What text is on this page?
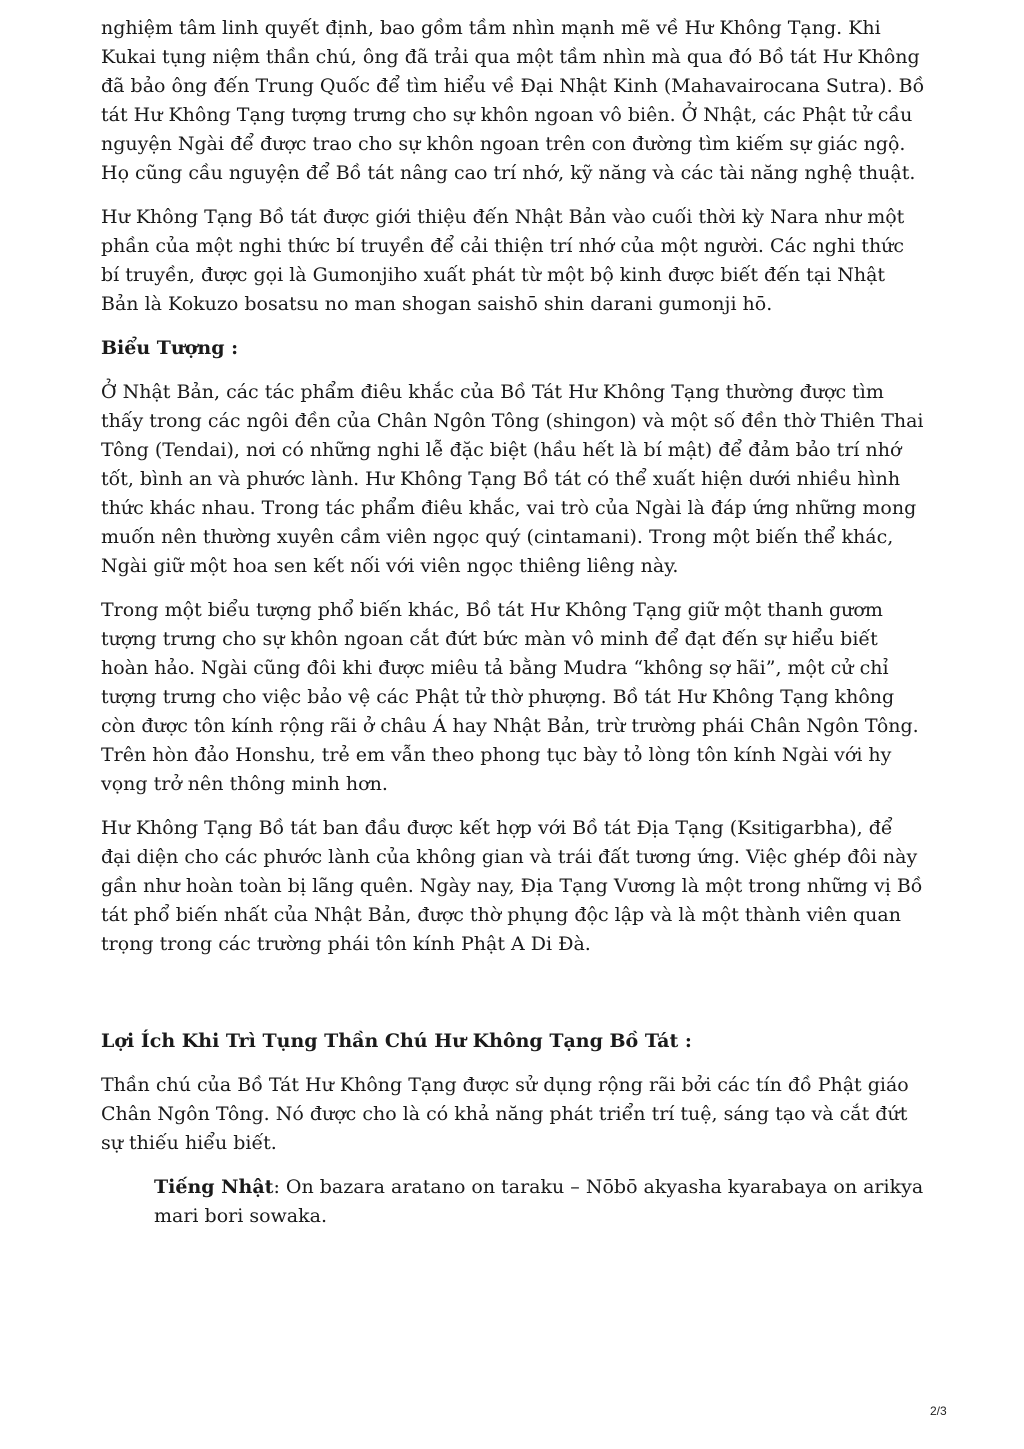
nghiệm tâm linh quyết định, bao gồm tầm nhìn mạnh mẽ về Hư Không Tạng. Khi Kukai tụng niệm thần chú, ông đã trải qua một tầm nhìn mà qua đó Bồ tát Hư Không đã bảo ông đến Trung Quốc để tìm hiểu về Đại Nhật Kinh (Mahavairocana Sutra). Bồ tát Hư Không Tạng tượng trưng cho sự khôn ngoan vô biên. Ở Nhật, các Phật tử cầu nguyện Ngài để được trao cho sự khôn ngoan trên con đường tìm kiếm sự giác ngộ. Họ cũng cầu nguyện để Bồ tát nâng cao trí nhớ, kỹ năng và các tài năng nghệ thuật.

Hư Không Tạng Bồ tát được giới thiệu đến Nhật Bản vào cuối thời kỳ Nara như một phần của một nghi thức bí truyền để cải thiện trí nhớ của một người. Các nghi thức bí truyền, được gọi là Gumonjiho xuất phát từ một bộ kinh được biết đến tại Nhật Bản là Kokuzo bosatsu no man shogan saishō shin darani gumonji hō.

Biểu Tượng :

Ở Nhật Bản, các tác phẩm điêu khắc của Bồ Tát Hư Không Tạng thường được tìm thấy trong các ngôi đền của Chân Ngôn Tông (shingon) và một số đền thờ Thiên Thai Tông (Tendai), nơi có những nghi lễ đặc biệt (hầu hết là bí mật) để đảm bảo trí nhớ tốt, bình an và phước lành. Hư Không Tạng Bồ tát có thể xuất hiện dưới nhiều hình thức khác nhau. Trong tác phẩm điêu khắc, vai trò của Ngài là đáp ứng những mong muốn nên thường xuyên cầm viên ngọc quý (cintamani). Trong một biến thể khác, Ngài giữ một hoa sen kết nối với viên ngọc thiêng liêng này.

Trong một biểu tượng phổ biến khác, Bồ tát Hư Không Tạng giữ một thanh gươm tượng trưng cho sự khôn ngoan cắt đứt bức màn vô minh để đạt đến sự hiểu biết hoàn hảo. Ngài cũng đôi khi được miêu tả bằng Mudra “không sợ hãi”, một cử chỉ tượng trưng cho việc bảo vệ các Phật tử thờ phượng. Bồ tát Hư Không Tạng không còn được tôn kính rộng rãi ở châu Á hay Nhật Bản, trừ trường phái Chân Ngôn Tông. Trên hòn đảo Honshu, trẻ em vẫn theo phong tục bày tỏ lòng tôn kính Ngài với hy vọng trở nên thông minh hơn.

Hư Không Tạng Bồ tát ban đầu được kết hợp với Bồ tát Địa Tạng (Ksitigarbha), để đại diện cho các phước lành của không gian và trái đất tương ứng. Việc ghép đôi này gần như hoàn toàn bị lãng quên. Ngày nay, Địa Tạng Vương là một trong những vị Bồ tát phổ biến nhất của Nhật Bản, được thờ phụng độc lập và là một thành viên quan trọng trong các trường phái tôn kính Phật A Di Đà.

Lợi Ích Khi Trì Tụng Thần Chú Hư Không Tạng Bồ Tát :

Thần chú của Bồ Tát Hư Không Tạng được sử dụng rộng rãi bởi các tín đồ Phật giáo Chân Ngôn Tông. Nó được cho là có khả năng phát triển trí tuệ, sáng tạo và cắt đứt sự thiếu hiểu biết.

Tiếng Nhật: On bazara aratano on taraku – Nōbō akyasha kyarabaya on arikya mari bori sowaka.

2/3
